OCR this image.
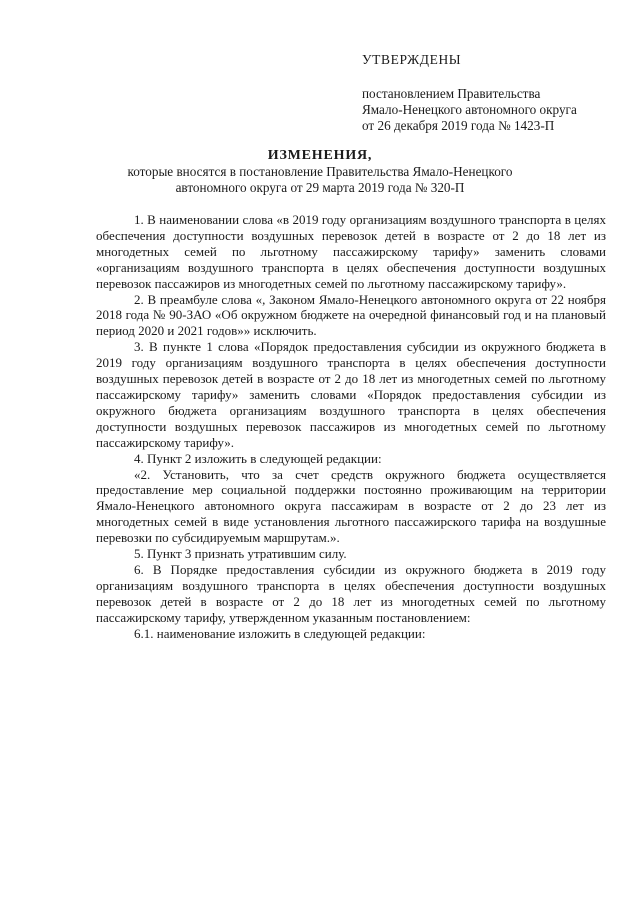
УТВЕРЖДЕНЫ
постановлением Правительства
Ямало-Ненецкого автономного округа
от 26 декабря 2019 года № 1423-П
ИЗМЕНЕНИЯ,
которые вносятся в постановление Правительства Ямало-Ненецкого
автономного округа от 29 марта 2019 года № 320-П

1. В наименовании слова «в 2019 году организациям воздушного транспорта в целях обеспечения доступности воздушных перевозок детей в возрасте от 2 до 18 лет из многодетных семей по льготному пассажирскому тарифу» заменить словами «организациям воздушного транспорта в целях обеспечения доступности воздушных перевозок пассажиров из многодетных семей по льготному пассажирскому тарифу».

2. В преамбуле слова «, Законом Ямало-Ненецкого автономного округа от 22 ноября 2018 года № 90-ЗАО «Об окружном бюджете на очередной финансовый год и на плановый период 2020 и 2021 годов»» исключить.

3. В пункте 1 слова «Порядок предоставления субсидии из окружного бюджета в 2019 году организациям воздушного транспорта в целях обеспечения доступности воздушных перевозок детей в возрасте от 2 до 18 лет из многодетных семей по льготному пассажирскому тарифу» заменить словами «Порядок предоставления субсидии из окружного бюджета организациям воздушного транспорта в целях обеспечения доступности воздушных перевозок пассажиров из многодетных семей по льготному пассажирскому тарифу».

4. Пункт 2 изложить в следующей редакции:

«2. Установить, что за счет средств окружного бюджета осуществляется предоставление мер социальной поддержки постоянно проживающим на территории Ямало-Ненецкого автономного округа пассажирам в возрасте от 2 до 23 лет из многодетных семей в виде установления льготного пассажирского тарифа на воздушные перевозки по субсидируемым маршрутам.».

5. Пункт 3 признать утратившим силу.

6. В Порядке предоставления субсидии из окружного бюджета в 2019 году организациям воздушного транспорта в целях обеспечения доступности воздушных перевозок детей в возрасте от 2 до 18 лет из многодетных семей по льготному пассажирскому тарифу, утвержденном указанным постановлением:

6.1. наименование изложить в следующей редакции:
